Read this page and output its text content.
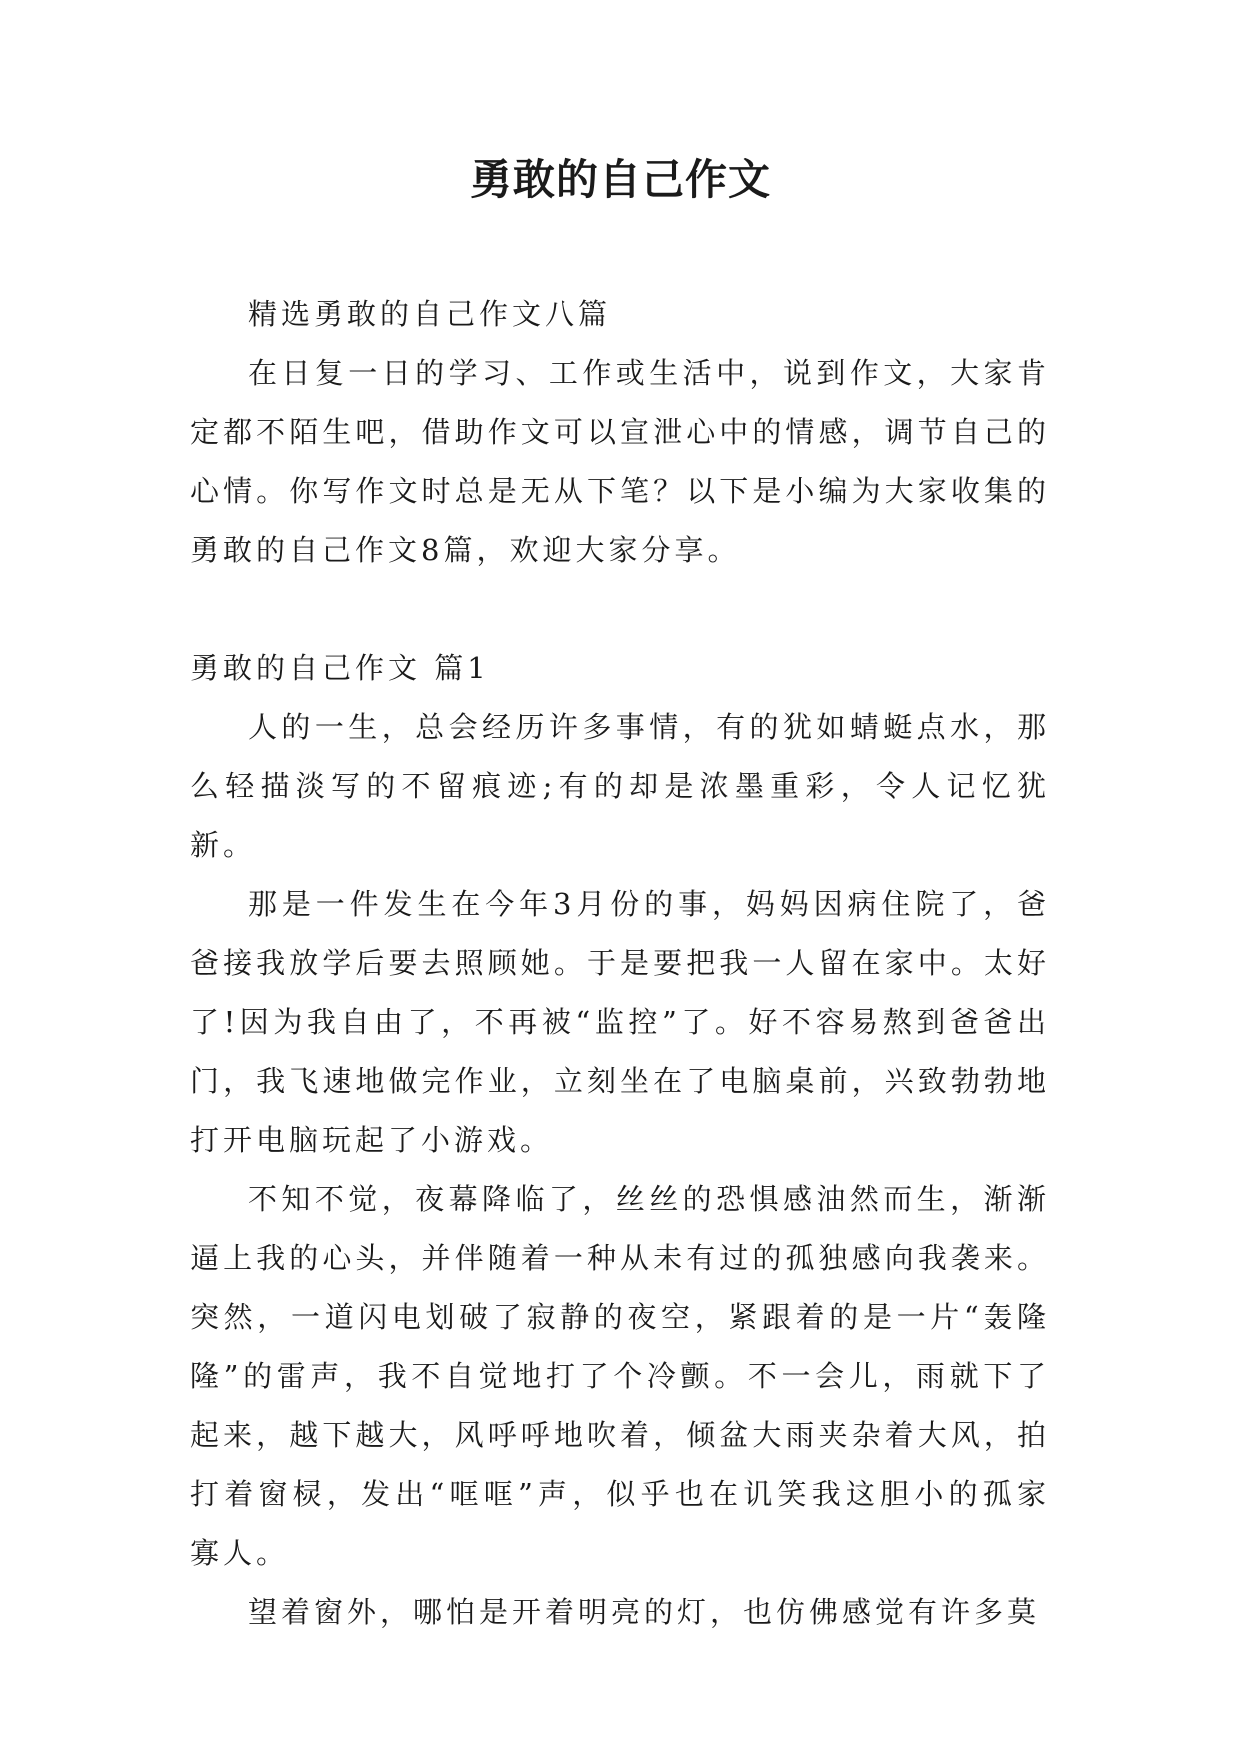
勇敢的自己作文

精选勇敢的自己作文八篇

在日复一日的学习、工作或生活中，说到作文，大家肯定都不陌生吧，借助作文可以宣泄心中的情感，调节自己的心情。你写作文时总是无从下笔？以下是小编为大家收集的勇敢的自己作文8篇，欢迎大家分享。

勇敢的自己作文 篇1

人的一生，总会经历许多事情，有的犹如蜻蜓点水，那么轻描淡写的不留痕迹;有的却是浓墨重彩，令人记忆犹新。

那是一件发生在今年3月份的事，妈妈因病住院了，爸爸接我放学后要去照顾她。于是要把我一人留在家中。太好了!因为我自由了，不再被“监控”了。好不容易熬到爸爸出门，我飞速地做完作业，立刻坐在了电脑桌前，兴致勃勃地打开电脑玩起了小游戏。

不知不觉，夜幕降临了，丝丝的恐惧感油然而生，渐渐逼上我的心头，并伴随着一种从未有过的孤独感向我袭来。突然，一道闪电划破了寂静的夜空，紧跟着的是一片“轰隆隆”的雷声，我不自觉地打了个冷颤。不一会儿，雨就下了起来，越下越大，风呼呼地吹着，倾盆大雨夹杂着大风，拍打着窗棂，发出“哐哐”声，似乎也在讥笑我这胆小的孤家寡人。

望着窗外，哪怕是开着明亮的灯，也仿佛感觉有许多莫
